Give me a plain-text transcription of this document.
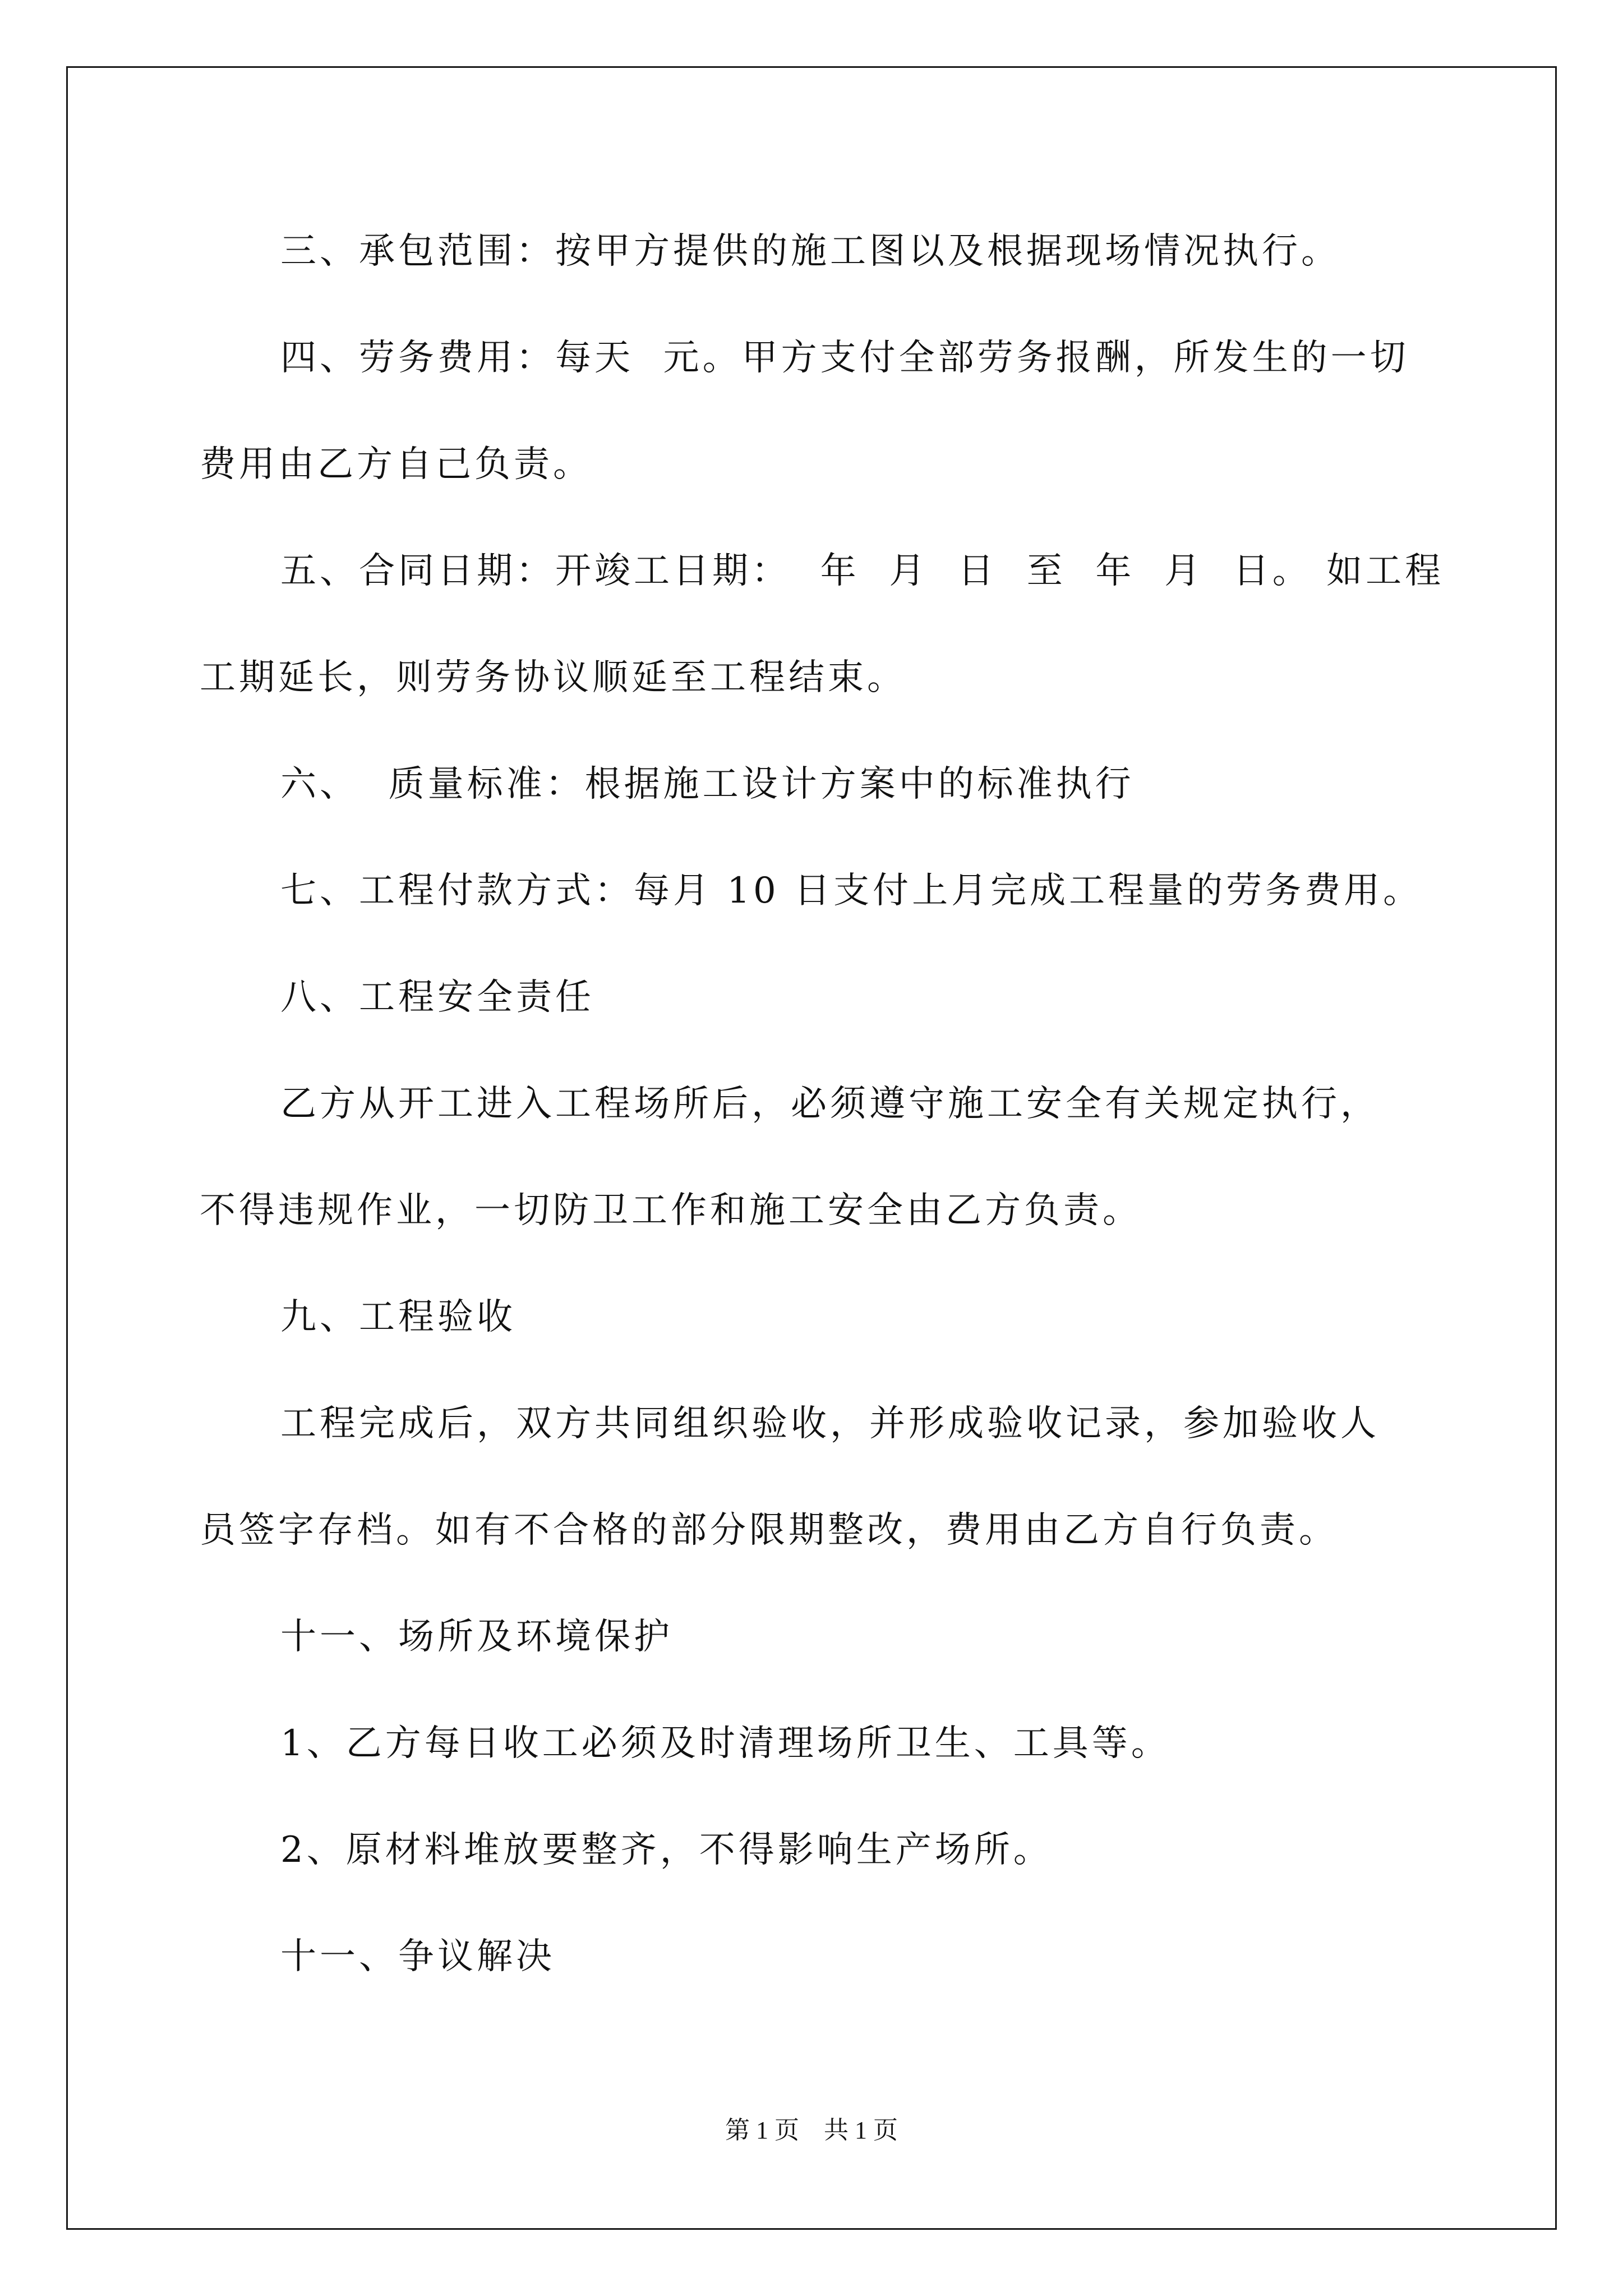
三、承包范围：按甲方提供的施工图以及根据现场情况执行。
四、劳务费用：每天  元。甲方支付全部劳务报酬，所发生的一切
费用由乙方自己负责。
五、合同日期：开竣工日期：  年  月  日  至  年  月  日。 如工程
工期延长，则劳务协议顺延至工程结束。
六、  质量标准：根据施工设计方案中的标准执行
七、工程付款方式：每月 10 日支付上月完成工程量的劳务费用。
八、工程安全责任
乙方从开工进入工程场所后，必须遵守施工安全有关规定执行，
不得违规作业，一切防卫工作和施工安全由乙方负责。
九、工程验收
工程完成后，双方共同组织验收，并形成验收记录，参加验收人
员签字存档。如有不合格的部分限期整改，费用由乙方自行负责。
十一、场所及环境保护
1、乙方每日收工必须及时清理场所卫生、工具等。
2、原材料堆放要整齐，不得影响生产场所。
十一、争议解决
第 1 页    共 1 页
